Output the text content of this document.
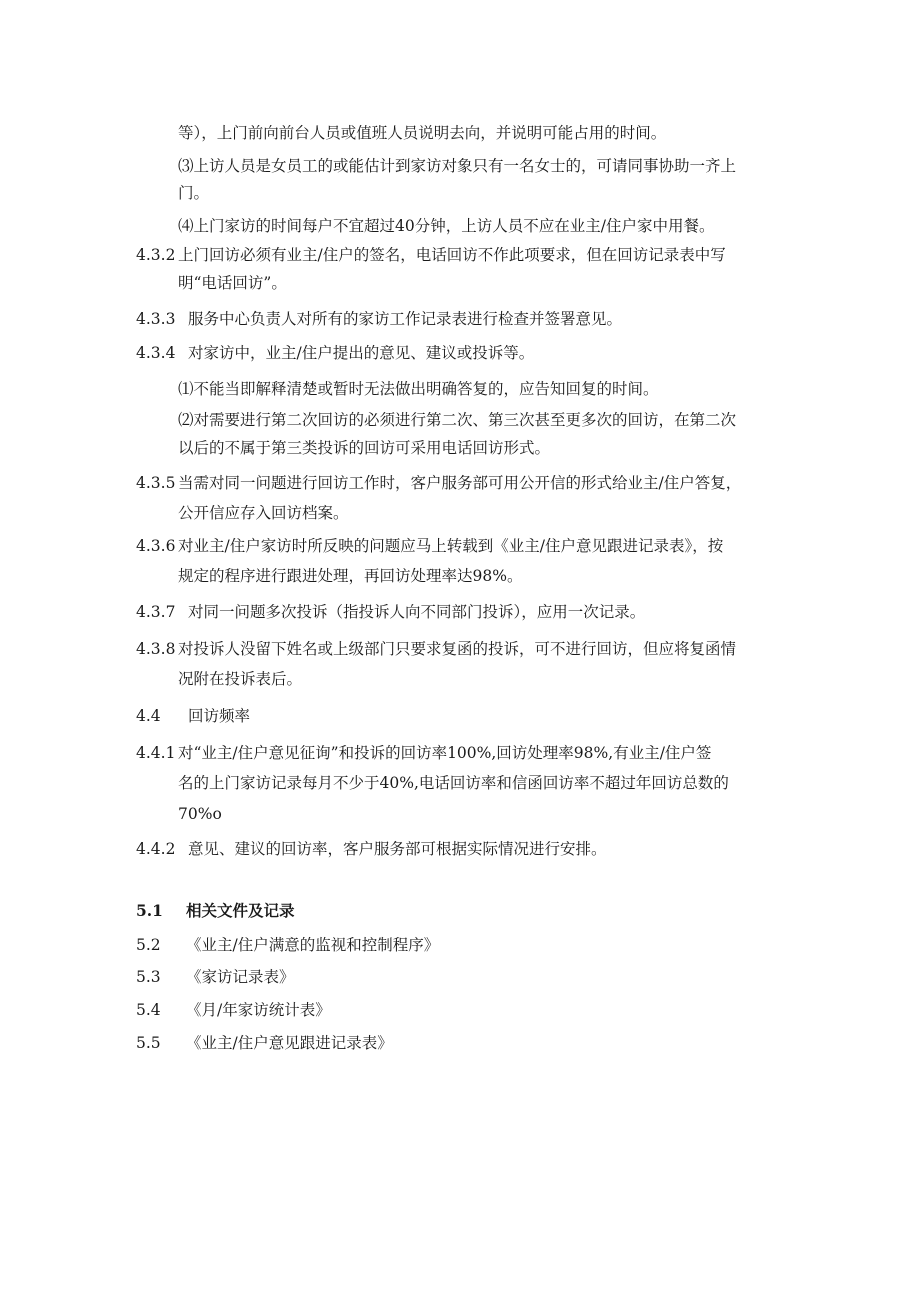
等），上门前向前台人员或值班人员说明去向，并说明可能占用的时间。
⑶上访人员是女员工的或能估计到家访对象只有一名女士的，可请同事协助一齐上
门。
⑷上门家访的时间每户不宜超过40分钟，上访人员不应在业主/住户家中用餐。
4.3.2 上门回访必须有业主/住户的签名，电话回访不作此项要求，但在回访记录表中写
明“电话回访”。
4.3.3 服务中心负责人对所有的家访工作记录表进行检查并签署意见。
4.3.4 对家访中，业主/住户提出的意见、建议或投诉等。
⑴不能当即解释清楚或暂时无法做出明确答复的，应告知回复的时间。
⑵对需要进行第二次回访的必须进行第二次、第三次甚至更多次的回访，在第二次
以后的不属于第三类投诉的回访可采用电话回访形式。
4.3.5 当需对同一问题进行回访工作时，客户服务部可用公开信的形式给业主/住户答复，
公开信应存入回访档案。
4.3.6 对业主/住户家访时所反映的问题应马上转载到《业主/住户意见跟进记录表》，按
规定的程序进行跟进处理，再回访处理率达98%。
4.3.7 对同一问题多次投诉（指投诉人向不同部门投诉），应用一次记录。
4.3.8 对投诉人没留下姓名或上级部门只要求复函的投诉，可不进行回访，但应将复函情
况附在投诉表后。
4.4 回访频率
4.4.1 对“业主/住户意见征询”和投诉的回访率100%,回访处理率98%,有业主/住户签
名的上门家访记录每月不少于40%,电话回访率和信函回访率不超过年回访总数的
70%o
4.4.2 意见、建议的回访率，客户服务部可根据实际情况进行安排。
5.1 相关文件及记录
5.2 《业主/住户满意的监视和控制程序》
5.3 《家访记录表》
5.4 《月/年家访统计表》
5.5 《业主/住户意见跟进记录表》
